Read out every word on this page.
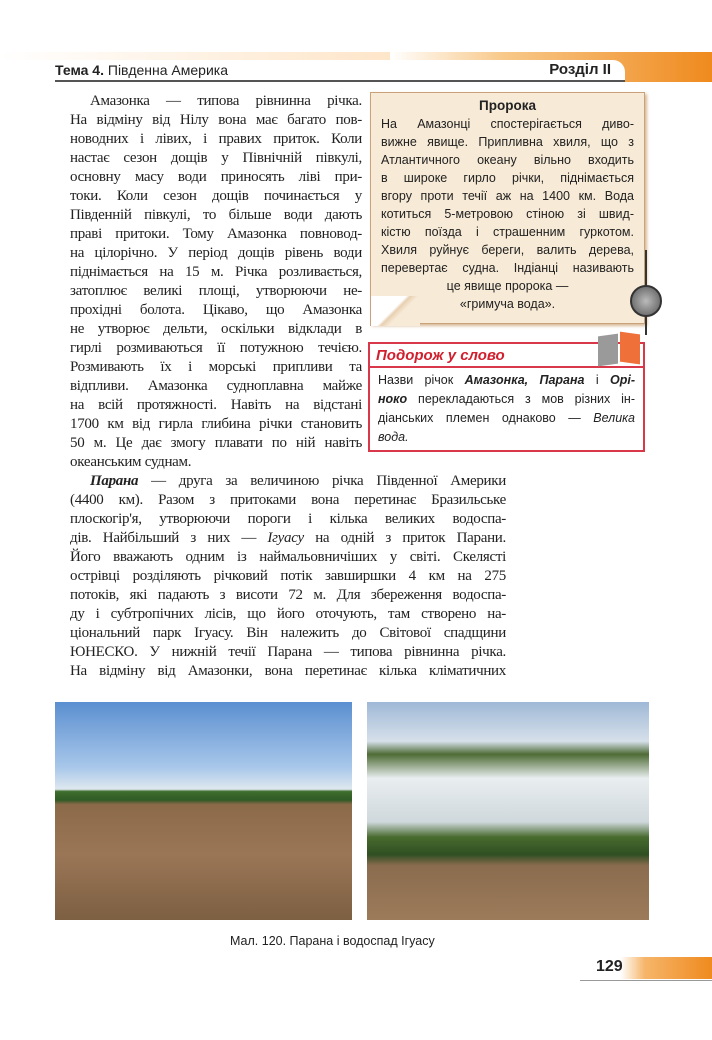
Тема 4. Південна Америка	Розділ II
Амазонка — типова рівнинна річка.
На відміну від Нілу вона має багато пов-
новодних і лівих, і правих приток. Коли
настає сезон дощів у Північній півкулі,
основну масу води приносять ліві при-
токи. Коли сезон дощів починається у
Південній півкулі, то більше води дають
праві притоки. Тому Амазонка повновод-
на цілорічно. У період дощів рівень води
піднімається на 15 м. Річка розливається,
затоплює великі площі, утворюючи не-
прохідні болота. Цікаво, що Амазонка
не утворює дельти, оскільки відклади в
гирлі розмиваються її потужною течією.
Розмивають їх і морські припливи та
відпливи. Амазонка судноплавна майже
на всій протяжності. Навіть на відстані
1700 км від гирла глибина річки становить
50 м. Це дає змогу плавати по ній навіть
океанським суднам.
Парана — друга за величиною річка Південної Америки
(4400 км). Разом з притоками вона перетинає Бразильське
плоскогір'я, утворюючи пороги і кілька великих водоспа-
дів. Найбільший з них — Ігуасу на одній з приток Парани.
Його вважають одним із наймальовничіших у світі. Скелясті
острівці розділяють річковий потік завширшки 4 км на 275
потоків, які падають з висоти 72 м. Для збереження водоспа-
ду і субтропічних лісів, що його оточують, там створено на-
ціональний парк Ігуасу. Він належить до Світової спадщини
ЮНЕСКО. У нижній течії Парана — типова рівнинна річка.
На відміну від Амазонки, вона перетинає кілька кліматичних
Пророка
На Амазонці спостерігається диво-
вижне явище. Припливна хвиля, що з
Атлантичного океану вільно входить
в широке гирло річки, піднімається
вгору проти течії аж на 1400 км. Вода
котиться 5-метровою стіною зі швид-
кістю поїзда і страшенним гуркотом.
Хвиля руйнує береги, валить дерева,
перевертає судна. Індіанці називають
це явище пророка —
«гримуча вода».
Подорож у слово
Назви річок Амазонка, Парана і Орі-
ноко перекладаються з мов різних ін-
діанських племен однаково — Велика
вода.
Мал. 120. Парана і водоспад Ігуасу
129
